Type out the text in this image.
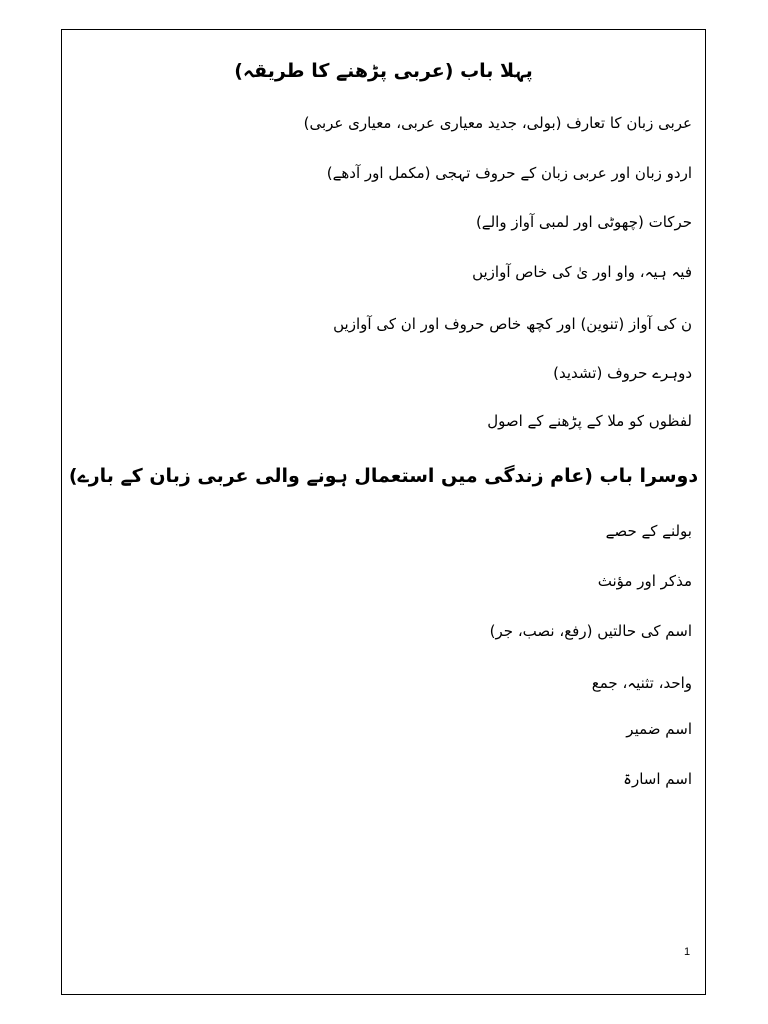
پہلا باب (عربی پڑھنے کا طریقہ)
عربی زبان کا تعارف (بولی، جدید معیاری عربی، معیاری عربی)
اردو زبان اور عربی زبان کے حروف تہجی (مکمل اور آدھے)
حرکات (چھوٹی اور لمبی آواز والے)
فیہ ہیہ، واو اور یٰ کی خاص آوازیں
ن کی آواز (تنوین) اور کچھ خاص حروف اور ان کی آوازیں
دوہرے حروف (تشدید)
لفظوں کو ملا کے پڑھنے کے اصول
دوسرا باب (عام زندگی میں استعمال ہونے والی عربی زبان کے بارے)
بولنے کے حصے
مذکر اور مؤنث
اسم کی حالتیں (رفع، نصب، جر)
واحد، تثنیہ، جمع
اسم ضمیر
اسم اسارۃ
1
